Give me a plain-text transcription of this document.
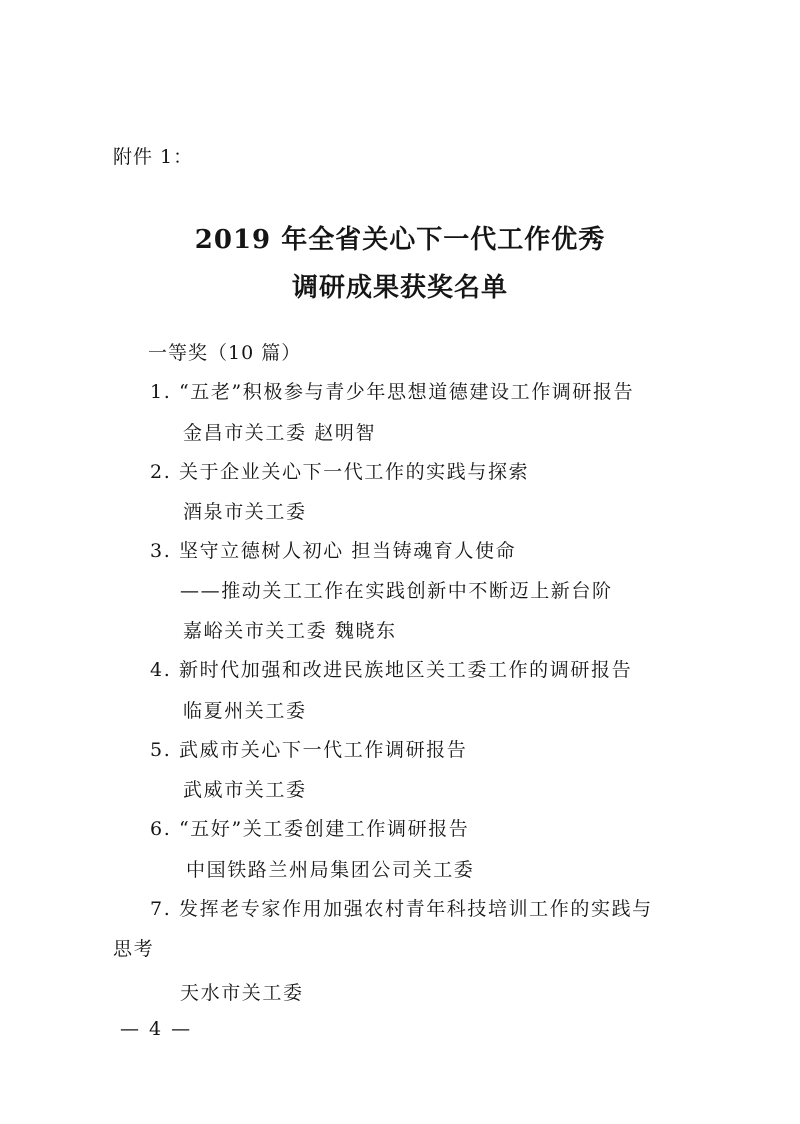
附件 1：
2019 年全省关心下一代工作优秀
调研成果获奖名单
一等奖（10 篇）
1. “五老”积极参与青少年思想道德建设工作调研报告
金昌市关工委 赵明智
2. 关于企业关心下一代工作的实践与探索
酒泉市关工委
3. 坚守立德树人初心 担当铸魂育人使命
——推动关工工作在实践创新中不断迈上新台阶
嘉峪关市关工委 魏晓东
4. 新时代加强和改进民族地区关工委工作的调研报告
临夏州关工委
5. 武威市关心下一代工作调研报告
武威市关工委
6. “五好”关工委创建工作调研报告
中国铁路兰州局集团公司关工委
7. 发挥老专家作用加强农村青年科技培训工作的实践与
思考
天水市关工委
— 4 —
